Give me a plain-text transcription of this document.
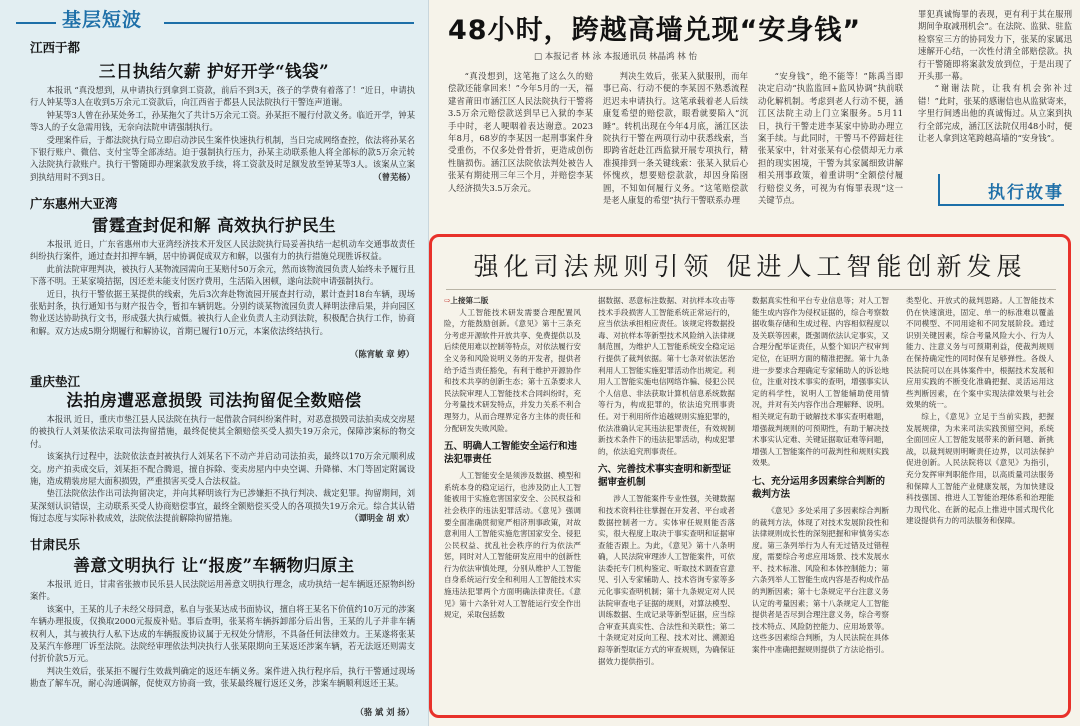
基层短波
江西于都
三日执结欠薪 护好开学“钱袋”

本报讯 “真没想到，从申请执行到拿到工资款，前后不到3天，孩子的学费有着落了！”近日，申请执行人钟某等3人在收到5万余元工资款后，向江西省于都县人民法院执行干警连声道谢。

钟某等3人曾在孙某处务工，孙某拖欠了共计5万余元工资。孙某拒不履行付款义务。临近开学，钟某等3人的子女急需用钱，无奈向法院申请强制执行。

受理案件后，于都法院执行局立即启动涉民生案件快速执行机制，当日完成网络查控，依法将孙某名下银行账户、微信、支付宝等全部冻结。迫于强制执行压力，孙某主动联系他人将全部标的款5万余元转入法院执行款账户。执行干警随即办理案款发放手续，将工资款及时足额发放至钟某等3人。该案从立案到执结用时不到3日。	（曾芜杨）
广东惠州大亚湾
雷霆查封促和解 高效执行护民生

本报讯 近日，广东省惠州市大亚湾经济技术开发区人民法院执行局妥善执结一起机动车交通事故责任纠纷执行案件，通过查封扣押车辆，居中协调促成双方和解，以强有力的执行措施兑现胜诉权益。

此前法院审理判决，被执行人某物流园需向王某赔付50万余元，然而该物流园负责人始终未予履行且下落不明。王某家境拮据，因还差未能支付医疗费用，生活陷入困顿，遂向法院申请强制执行。

近日，执行干警依据王某提供的线索，先后3次奔赴物流园开展查封行动，累计查封18台车辆，现场张贴封条，执行通知书与财产报告令，暂扣车辆钥匙。分别约谈某物流园负责人释明法律后果，并向园区物业送达协助执行文书，形成强大执行威慑。被执行人企业负责人主动到法院，积极配合执行工作，协商和解。双方达成5期分期履行和解协议，首期已履行10万元，本案依法终结执行。

（陈宵敏 章 婷）
重庆垫江
法拍房遭恶意损毁 司法拘留促全数赔偿

本报讯 近日，重庆市垫江县人民法院在执行一起借款合同纠纷案件时，对恶意损毁司法拍卖成交房屋的被执行人刘某依法采取司法拘留措施，最终促使其全额赔偿买受人损失19万余元，保障涉案标的物交付。

该案执行过程中，法院依法查封被执行人刘某名下不动产并启动司法拍卖，最终以170万余元顺利成交。房产拍卖成交后，刘某拒不配合腾退，擅自拆除、变卖房屋内中央空调、升降梯、木门等固定附属设施，造成精装房屋大面积损毁，严重损害买受人合法权益。

垫江法院依法作出司法拘留决定，并向其释明该行为已涉嫌拒不执行判决、裁定犯罪。拘留期间，刘某深刻认识错误，主动联系买受人协商赔偿事宜，最终全额赔偿买受人的各项损失19万余元。综合其认错悔过态度与实际补救成效，法院依法提前解除拘留措施。	（谭明金 胡 欢）
甘肃民乐
善意文明执行 让“报废”车辆物归原主

本报讯 近日，甘肃省张掖市民乐县人民法院运用善意文明执行理念，成功执结一起车辆返还原物纠纷案件。

该案中，王某的儿子未经父母同意，私自与张某达成书面协议，擅自将王某名下价值约10万元的涉案车辆办理报废，仅换取2000元报废补贴。事后查明，张某将车辆拆卸部分后出售，王某的儿子并非车辆权利人，其与被执行人私下达成的车辆报废协议属于无权处分情形，不具备任何法律效力。王某遂将张某及某汽车修理厂诉至法院。法院经审理依法判决执行人张某限期向王某返还涉案车辆，若无法返还则需支付折价款5万元。

判决生效后，张某拒不履行生效裁判确定的返还车辆义务。案件进入执行程序后，执行干警通过现场勘查了解车况，耐心沟通调解，促使双方协商一致，张某最终履行返还义务，涉案车辆顺利返还王某。

（骆 斌 刘 扬）
48小时，跨越高墙兑现“安身钱”
□ 本报记者 林 泳 本报通讯员 林晶鸿 林 怡

“真没想到，这笔拖了这么久的赔偿款还能拿回来！”今年5月的一天，福建省莆田市涵江区人民法院执行干警将3.5万余元赔偿款送到早已入狱的李某手中时，老人哽咽着表达谢意。2023年8月，68岁的李某因一起刑事案件身受重伤，不仅多处骨骨折，更造成创伤性脑损伤。涵江区法院依法判处被告人张某有期徒刑三年三个月，并赔偿李某人经济损失3.5万余元。

判决生效后，张某入狱服刑，而年事已高、行动不便的李某因不熟悉流程迟迟未申请执行。这笔承载着老人后续康复希望的赔偿款，眼看就要陷入“沉睡”。转机出现在今年4月底，涵江区法院执行干警在两项行动中获悉线索，当即跨省赶赴江西监狱开展专项执行，精准摸排到一条关键线索：张某入狱后心怀愧疚，想要赔偿款款，却因身陷囹圄，不知如何履行义务。“这笔赔偿款是老人康复的希望”执行干警联系办理

“安身钱”，绝不能等！”陈禹当即决定启动“执监监回+监风协调”执前联动化解机制。考虑到老人行动不便，涵江区法院主动上门立案服务。5月11日，执行干警走进李某家中协助办理立案手续。与此同时，干警马不停蹄赶往张某家中，针对张某有心偿债却无力承担的现实困境，干警为其家属细致讲解相关刑事政策，着重讲明“全额偿付履行赔偿义务，可视为有悔罪表现”这一关键节点。

罪犯真诚悔罪的表现，更有利于其在服刑期间争取减刑机会”。在法院、监狱、驻监检察室三方的协同发力下，张某的家属迅速解开心结，一次性付清全部赔偿款。执行干警随即将案款发放到位，于是出现了开头那一幕。

“谢谢法院，让我有机会弥补过错！”此时，张某的感谢信也从监狱寄来，字里行间透出他的真诚悔过。从立案到执行全部完成，涵江区法院仅用48小时，便让老人拿到这笔跨越高墙的“安身钱”。

执行故事
强化司法规则引领 促进人工智能创新发展
⇨上接第二版

人工智能技术研发需要合理配置风险，方能鼓励创新。《意见》第十三条充分考虑开源软件开放共享、免费提供以及后续使用难以控制等特点，对依法履行安全义务和风险说明义务的开发者，提供者给予适当责任豁免，有利于维护开源协作和技术共享的创新生态；第十五条要求人民法院审理人工智能技术合同纠纷时，充分考量技术研发特点，并发力关系不利合理努力，从而合理界定各方主体的责任和分配研发失败风险。

五、明确人工智能安全运行和违法犯罪责任

人工智能安全是须涉及数据、模型和系统本身的稳定运行，也涉及防止人工智能被用于实施危害国家安全、公民权益和社会秩序的违法犯罪活动。《意见》强调要全面准确贯彻宽严相济刑事政策，对故意利用人工智能实施危害国家安全、侵犯公民权益、扰乱社会秩序的行为依法严惩，同时对人工智能研发应用中的创新性行为依法审慎处理，分别从维护人工智能自身系统运行安全和利用人工智能技术实施违法犯罪两个方面明确法律责任。《意见》第十六条针对人工智能运行安全作出规定，采取包括数

据数据、恶意标注数据、对抗样本攻击等技术手段损害人工智能系统正常运行的，应当依法承担相应责任。该规定将数据投毒、对抗样本等新型技术风险纳入法律规制范围，为维护人工智能系统安全稳定运行提供了裁判依据。第十七条对依法惩治利用人工智能实施犯罪活动作出规定。利用人工智能实施电信网络诈骗、侵犯公民个人信息、非法获取计算机信息系统数据等行为，构成犯罪的，依法追究刑事责任。对于利用所作追越规则实施犯罪的，依法准确认定其违法犯罪责任，有效规制新技术条件下的违法犯罪活动，构成犯罪的，依法追究刑事责任。

六、完善技术事实查明和新型证据审查机制

涉人工智能案件专业性强，关键数据和技术资料往往掌握在开发者、平台或者数据控制者一方。实体审任规则能否落实，很大程度上取决于事实查明和证据审查能否跟上。为此，《意见》第十八条明确，人民法院审理涉人工智能案件，可依法委托专门机构鉴定、听取技术调查官意见、引入专家辅助人、技术咨询专家等多元化事实查明机制；第十九条规定对人民法院审查电子证据的规则，对算法模型、训练数据、生成记录等新型证据，应当综合审查其真实性、合法性和关联性；第二十条规定对反向工程、技术对比、溯源追踪等新型取证方式的审查规则，为确保证据效力提供指引。

数据真实性和平台专业信息等；对人工智能生成内容作为侵权证据的，综合考察数据收集存储和生成过程、内容相似程度以及关联等因素，既强调依法认定事实，又合理分配举证责任，从整个知识产权审判定位，在证明方面的精准把握。第十九条进一步要求合理确定专家辅助人的诉讼地位，注重对技术事实的查明，增强事实认定的科学性，说明人工智能辅助使用情况，并对有关内容作出合理解释、说明。相关规定有助于破解技术事实查明难题，增强裁判规则的可预期性，有助于解决技术事实认定难、关键证据取证难等问题，增强人工智能案件的可裁判性和规则实践效果。

七、充分运用多因素综合判断的裁判方法

《意见》多处采用了多因素综合判断的裁判方法，体现了对技术发展阶段性和法律规则成长性的深刻把握和审慎务实态度。第三条列举行为人有无过错及过错程度，需要综合考虑应用场景、技术发展水平、技术标准、风险和本体控制能力；第六条列举人工智能生成内容是否构成作品的判断因素；第十七条规定平台注意义务认定的考量因素；第十八条规定人工智能提供者是否尽到合理注意义务，综合考察技术特点、风险防控能力、应用场景等。这些多因素综合判断，为人民法院在具体案件中准确把握规则提供了方法论指引。

类型化、开放式的裁判思路。人工智能技术仍在快速演进，固定、单一的标准难以覆盖不同模型、不同用途和不同发展阶段。通过识别关键因素，综合考量风险大小、行为人能力、注意义务与可预期利益，使裁判规则在保持确定性的同时保有足够弹性。各级人民法院可以在具体案件中，根据技术发展和应用实践的不断变化准确把握、灵活运用这些判断因素，在个案中实现法律效果与社会效果的统一。

综上，《意见》立足于当前实践，把握发展规律，为未来司法实践预留空间，系统全面回应人工智能发展带来的新问题、新挑战，以裁判规则明晰责任边界，以司法保护促进创新。人民法院将以《意见》为指引，充分发挥审判职能作用，以高质量司法服务和保障人工智能产业健康发展，为加快建设科技强国、推进人工智能治理体系和治理能力现代化、在新的起点上推进中国式现代化建设提供有力的司法服务和保障。
